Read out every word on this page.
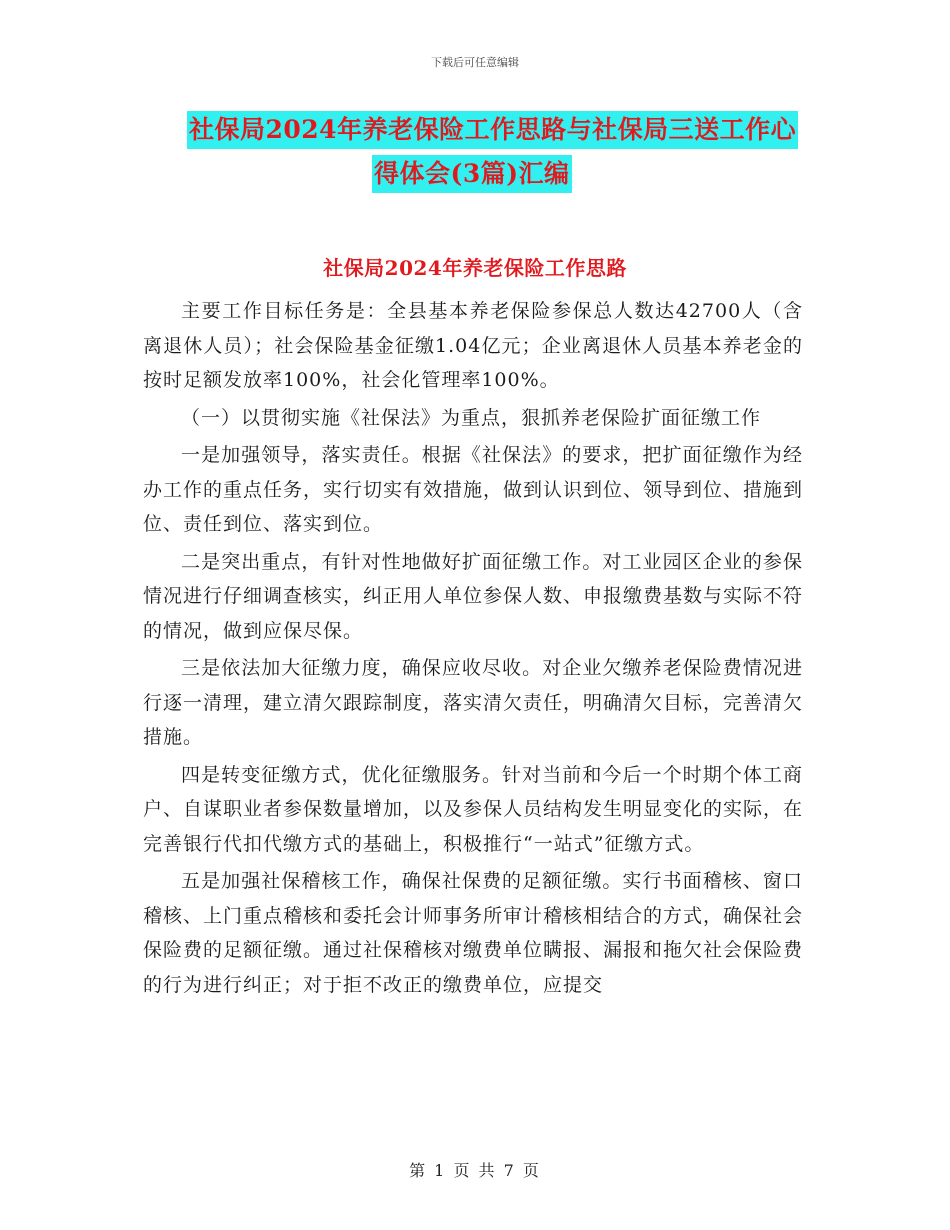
下载后可任意编辑
社保局2024年养老保险工作思路与社保局三送工作心
得体会(3篇)汇编
社保局2024年养老保险工作思路

主要工作目标任务是：全县基本养老保险参保总人数达42700人（含离退休人员）；社会保险基金征缴1.04亿元；企业离退休人员基本养老金的按时足额发放率100%，社会化管理率100%。

（一）以贯彻实施《社保法》为重点，狠抓养老保险扩面征缴工作

一是加强领导，落实责任。根据《社保法》的要求，把扩面征缴作为经办工作的重点任务，实行切实有效措施，做到认识到位、领导到位、措施到位、责任到位、落实到位。

二是突出重点，有针对性地做好扩面征缴工作。对工业园区企业的参保情况进行仔细调查核实，纠正用人单位参保人数、申报缴费基数与实际不符的情况，做到应保尽保。

三是依法加大征缴力度，确保应收尽收。对企业欠缴养老保险费情况进行逐一清理，建立清欠跟踪制度，落实清欠责任，明确清欠目标，完善清欠措施。

四是转变征缴方式，优化征缴服务。针对当前和今后一个时期个体工商户、自谋职业者参保数量增加，以及参保人员结构发生明显变化的实际，在完善银行代扣代缴方式的基础上，积极推行“一站式”征缴方式。

五是加强社保稽核工作，确保社保费的足额征缴。实行书面稽核、窗口稽核、上门重点稽核和委托会计师事务所审计稽核相结合的方式，确保社会保险费的足额征缴。通过社保稽核对缴费单位瞒报、漏报和拖欠社会保险费的行为进行纠正；对于拒不改正的缴费单位，应提交

第 1 页 共 7 页
